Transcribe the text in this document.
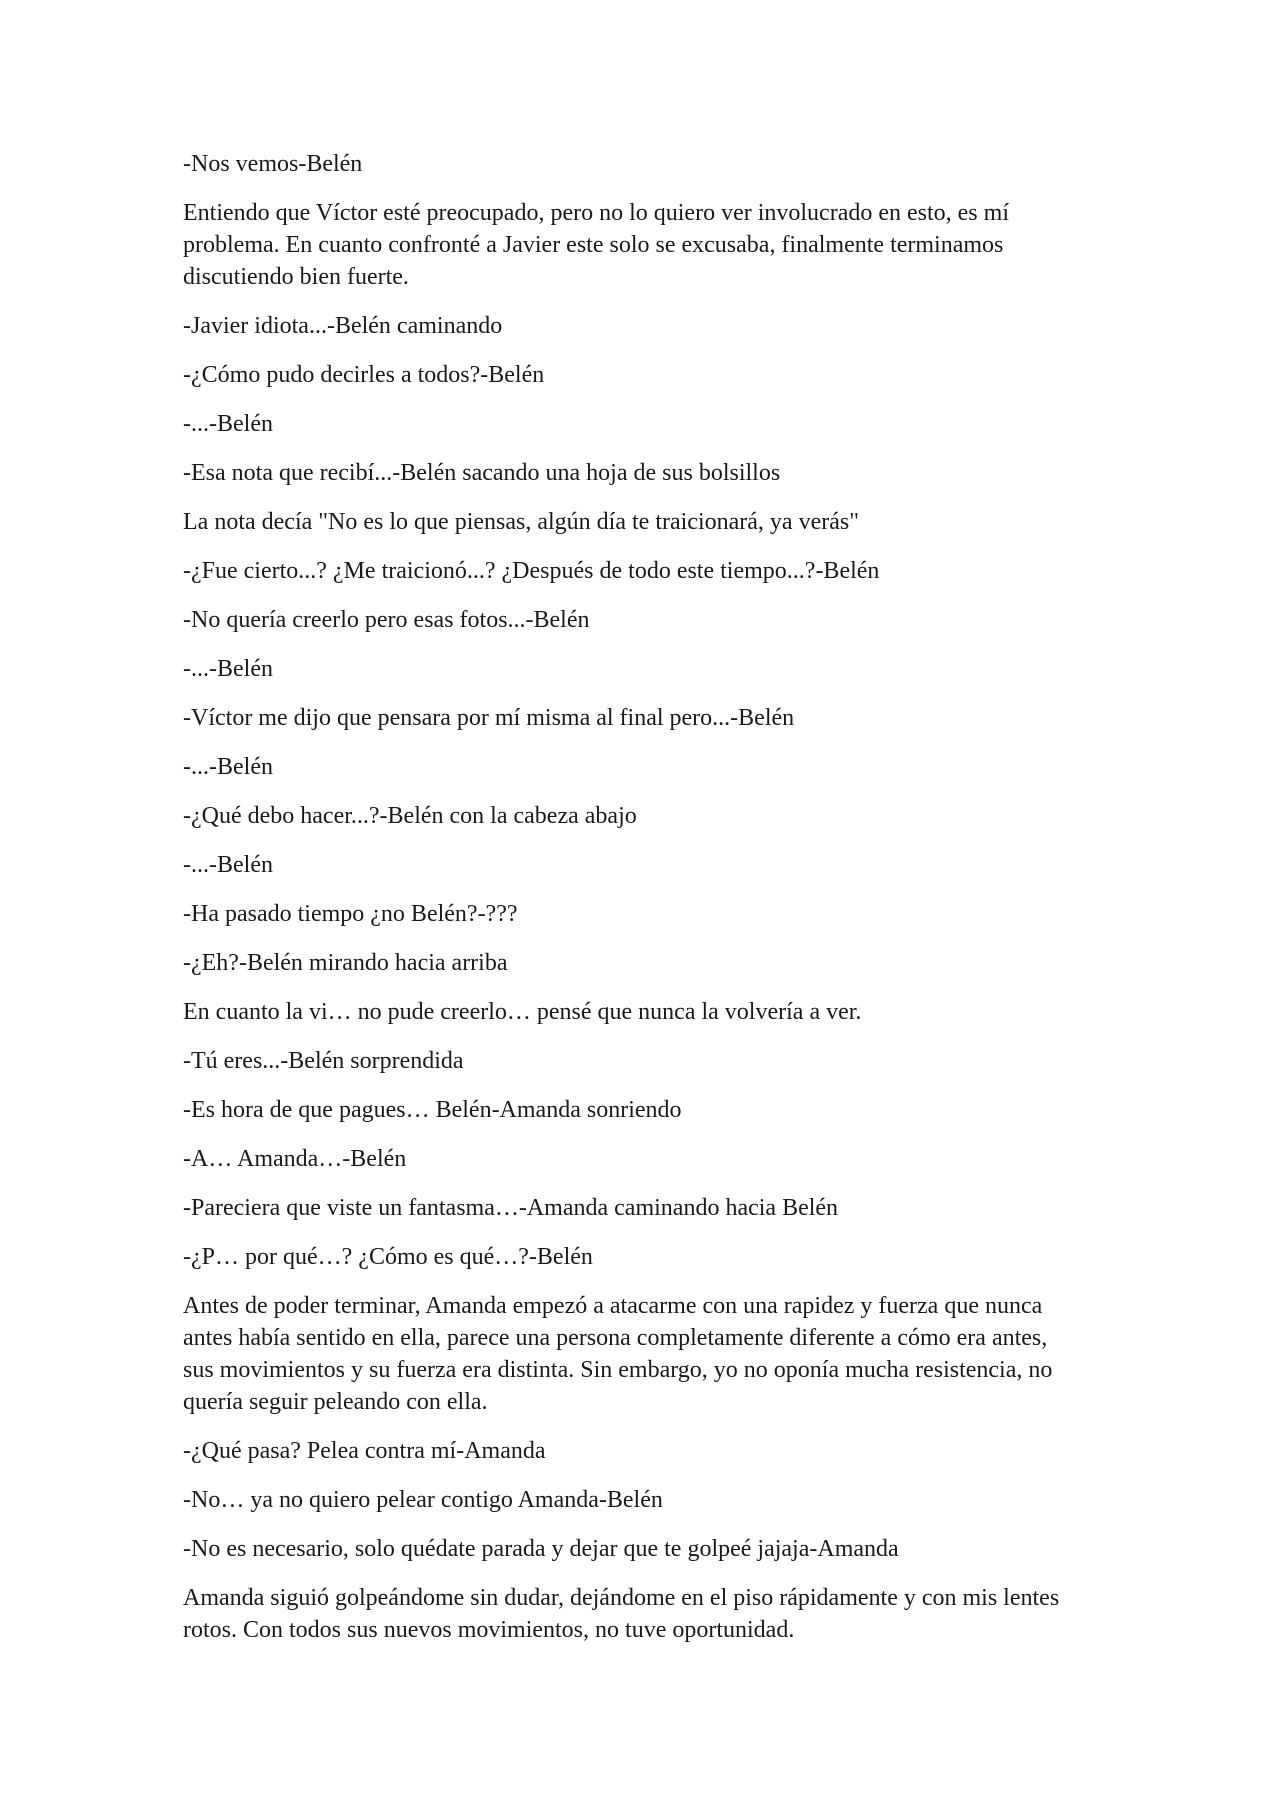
-Nos vemos-Belén

Entiendo que Víctor esté preocupado, pero no lo quiero ver involucrado en esto, es mí problema. En cuanto confronté a Javier este solo se excusaba, finalmente terminamos discutiendo bien fuerte.

-Javier idiota...-Belén caminando

-¿Cómo pudo decirles a todos?-Belén

-...-Belén

-Esa nota que recibí...-Belén sacando una hoja de sus bolsillos

La nota decía "No es lo que piensas, algún día te traicionará, ya verás"

-¿Fue cierto...? ¿Me traicionó...? ¿Después de todo este tiempo...?-Belén

-No quería creerlo pero esas fotos...-Belén

-...-Belén

-Víctor me dijo que pensara por mí misma al final pero...-Belén

-...-Belén

-¿Qué debo hacer...?-Belén con la cabeza abajo

-...-Belén

-Ha pasado tiempo ¿no Belén?-???

-¿Eh?-Belén mirando hacia arriba

En cuanto la vi… no pude creerlo… pensé que nunca la volvería a ver.

-Tú eres...-Belén sorprendida

-Es hora de que pagues… Belén-Amanda sonriendo

-A… Amanda…-Belén

-Pareciera que viste un fantasma…-Amanda caminando hacia Belén

-¿P… por qué…? ¿Cómo es qué…?-Belén

Antes de poder terminar, Amanda empezó a atacarme con una rapidez y fuerza que nunca antes había sentido en ella, parece una persona completamente diferente a cómo era antes, sus movimientos y su fuerza era distinta. Sin embargo, yo no oponía mucha resistencia, no quería seguir peleando con ella.

-¿Qué pasa? Pelea contra mí-Amanda

-No… ya no quiero pelear contigo Amanda-Belén

-No es necesario, solo quédate parada y dejar que te golpeé jajaja-Amanda

Amanda siguió golpeándome sin dudar, dejándome en el piso rápidamente y con mis lentes rotos. Con todos sus nuevos movimientos, no tuve oportunidad.
